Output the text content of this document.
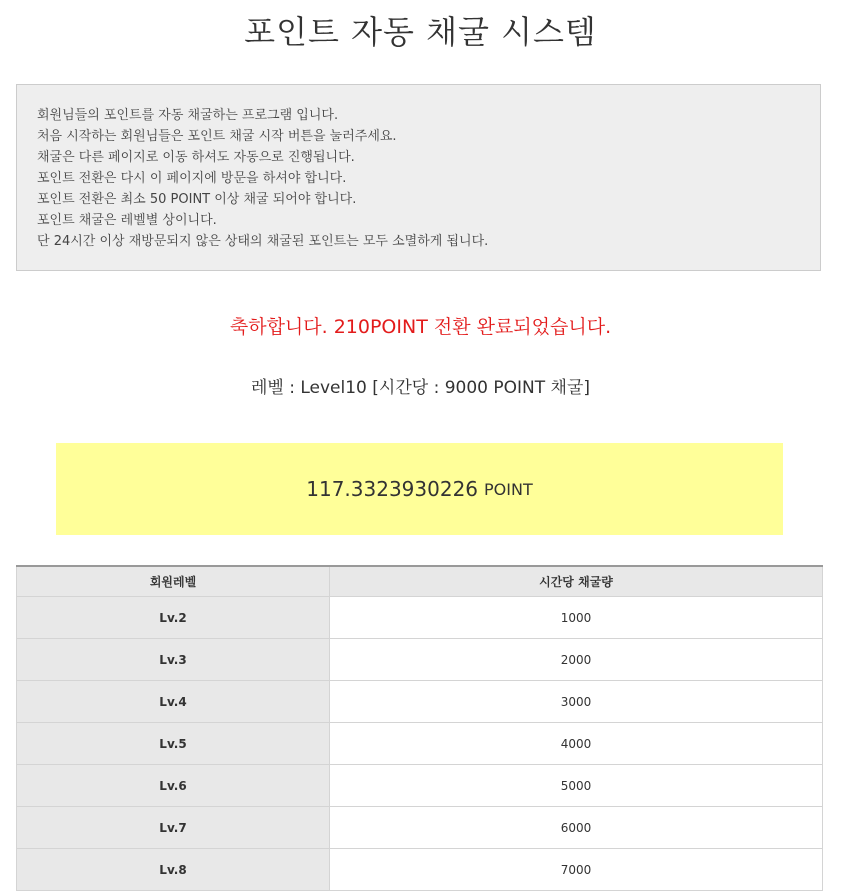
포인트 자동 채굴 시스템
회원님들의 포인트를 자동 채굴하는 프로그램 입니다.
처음 시작하는 회원님들은 포인트 채굴 시작 버튼을 눌러주세요.
채굴은 다른 페이지로 이동 하셔도 자동으로 진행됩니다.
포인트 전환은 다시 이 페이지에 방문을 하셔야 합니다.
포인트 전환은 최소 50 POINT 이상 채굴 되어야 합니다.
포인트 채굴은 레벨별 상이니다.
단 24시간 이상 재방문되지 않은 상태의 채굴된 포인트는 모두 소멸하게 됩니다.
축하합니다. 210POINT 전환 완료되었습니다.
레벨 : Level10 [시간당 : 9000 POINT 채굴]
117.3323930226 POINT
회원레벨	시간당 채굴량
Lv.2	1000
Lv.3	2000
Lv.4	3000
Lv.5	4000
Lv.6	5000
Lv.7	6000
Lv.8	7000
